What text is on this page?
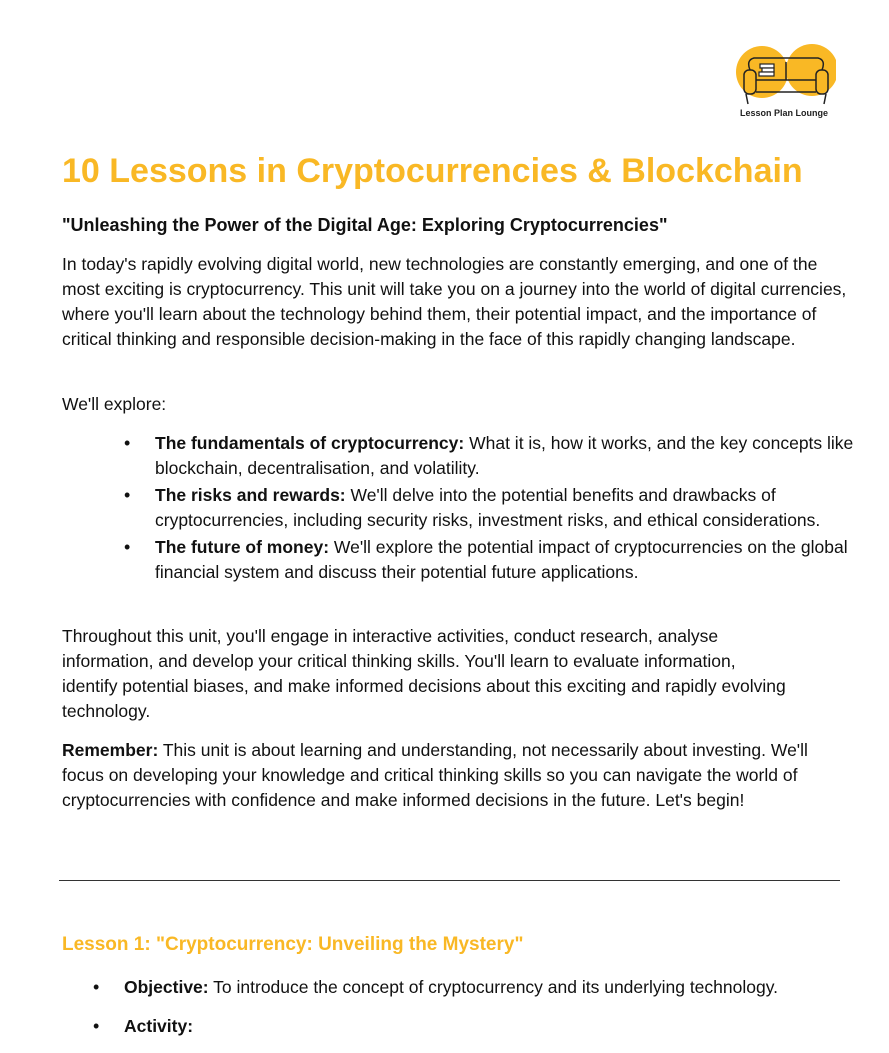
Lesson Plan Lounge
10 Lessons in Cryptocurrencies & Blockchain
"Unleashing the Power of the Digital Age: Exploring Cryptocurrencies"

In today's rapidly evolving digital world, new technologies are constantly emerging, and one of the most exciting is cryptocurrency. This unit will take you on a journey into the world of digital currencies, where you'll learn about the technology behind them, their potential impact, and the importance of critical thinking and responsible decision-making in the face of this rapidly changing landscape.

We'll explore:

• The fundamentals of cryptocurrency: What it is, how it works, and the key concepts like blockchain, decentralisation, and volatility.
• The risks and rewards: We'll delve into the potential benefits and drawbacks of cryptocurrencies, including security risks, investment risks, and ethical considerations.
• The future of money: We'll explore the potential impact of cryptocurrencies on the global financial system and discuss their potential future applications.

Throughout this unit, you'll engage in interactive activities, conduct research, analyse information, and develop your critical thinking skills. You'll learn to evaluate information, identify potential biases, and make informed decisions about this exciting and rapidly evolving technology.

Remember: This unit is about learning and understanding, not necessarily about investing. We'll focus on developing your knowledge and critical thinking skills so you can navigate the world of cryptocurrencies with confidence and make informed decisions in the future. Let's begin!

Lesson 1: "Cryptocurrency: Unveiling the Mystery"
• Objective: To introduce the concept of cryptocurrency and its underlying technology.
• Activity:
